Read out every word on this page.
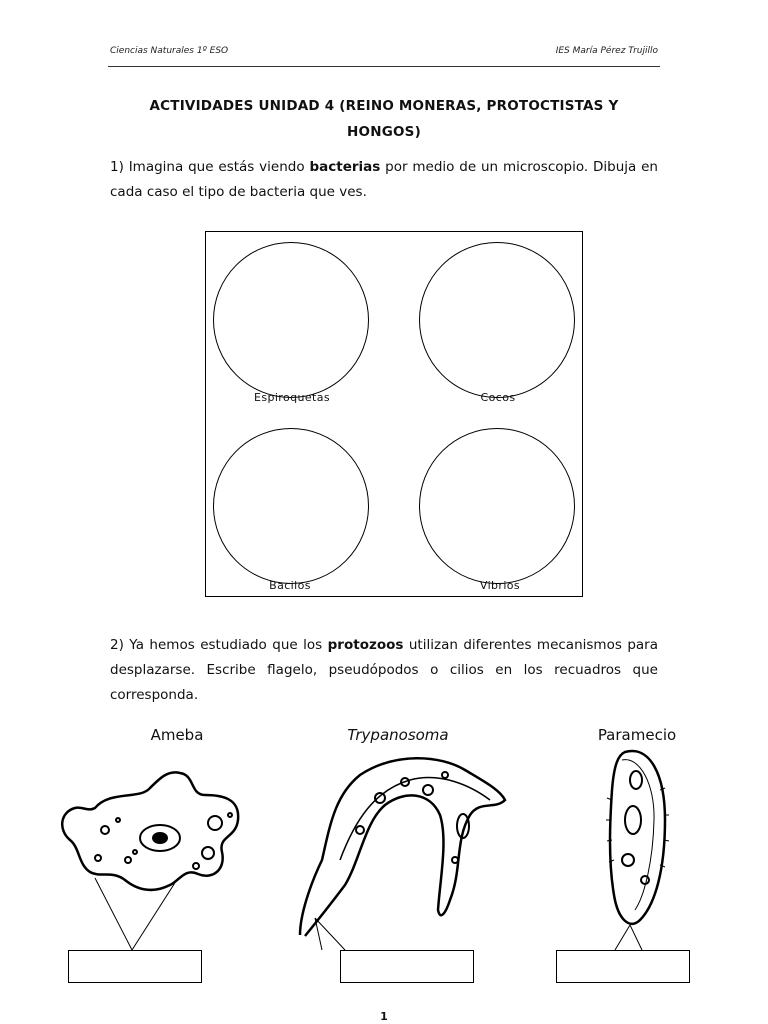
Ciencias Naturales 1º ESO	IES María Pérez Trujillo
ACTIVIDADES UNIDAD 4 (REINO MONERAS, PROTOCTISTAS Y
HONGOS)
1) Imagina que estás viendo bacterias por medio de un microscopio. Dibuja en cada caso el tipo de bacteria que ves.
Espiroquetas	Cocos
Bacilos	Vibrios
2) Ya hemos estudiado que los protozoos utilizan diferentes mecanismos para desplazarse. Escribe flagelo, pseudópodos o cilios en los recuadros que corresponda.
Ameba	Trypanosoma	Paramecio
1
